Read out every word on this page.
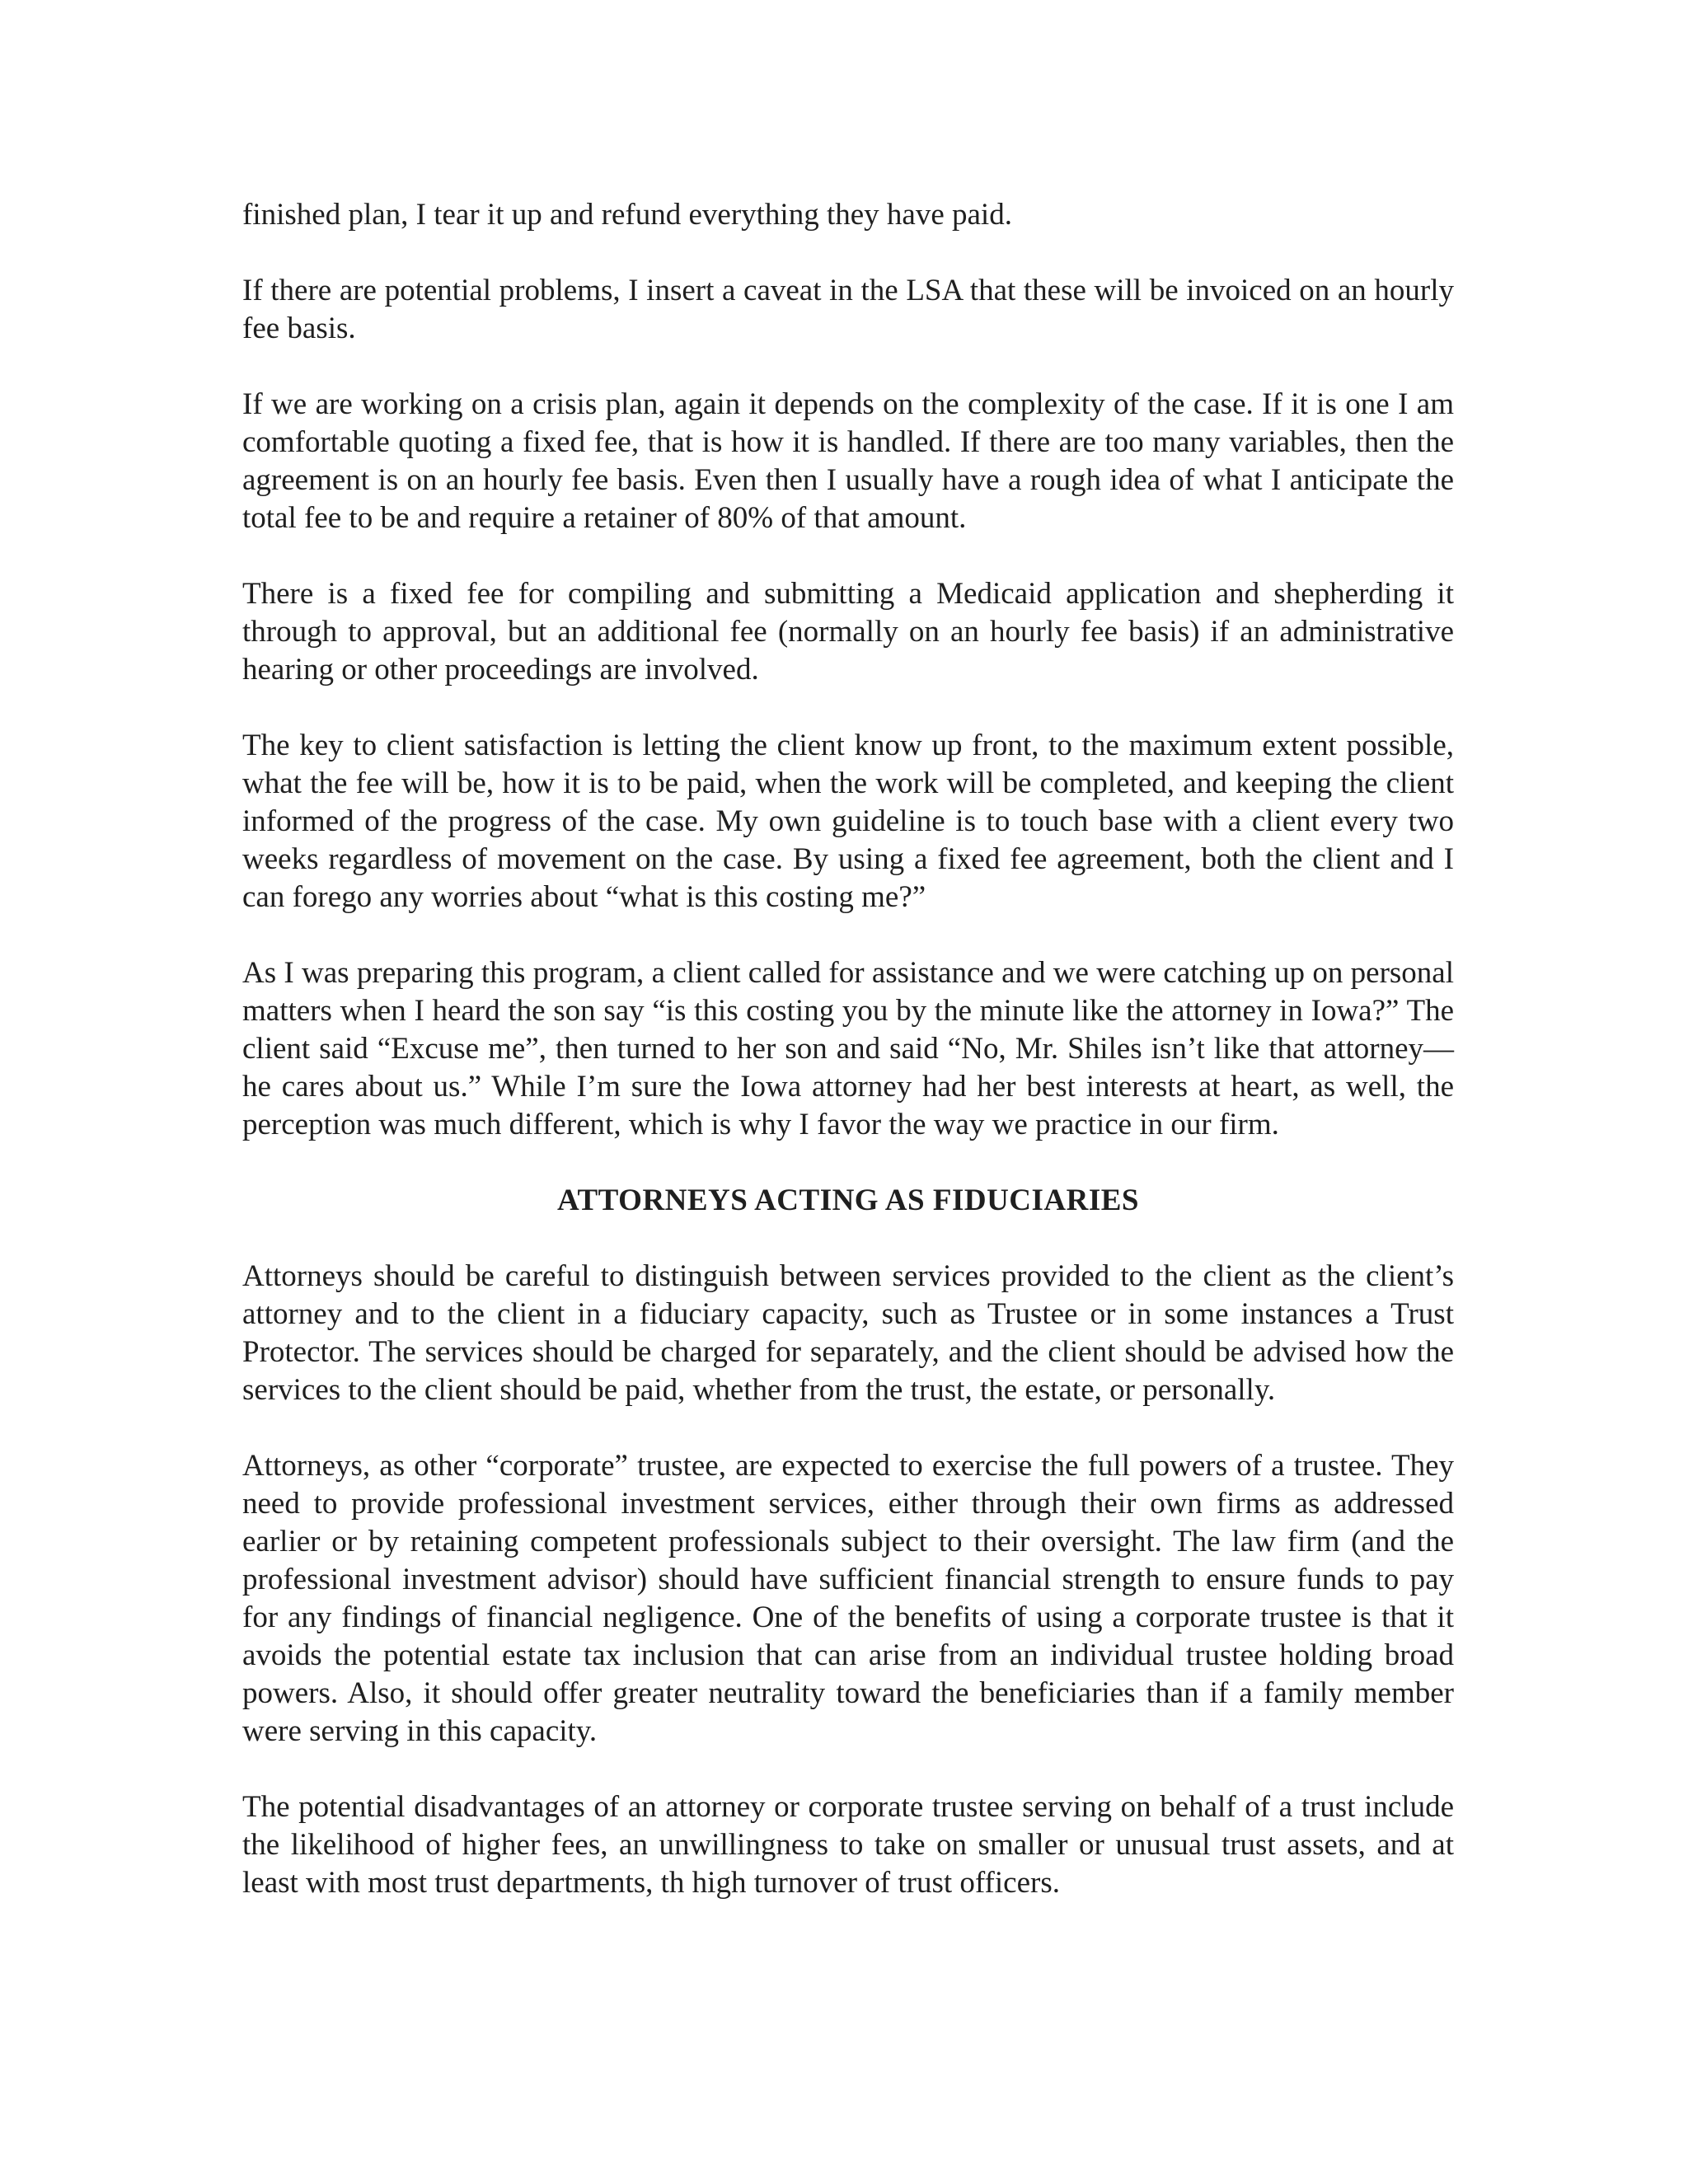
finished plan, I tear it up and refund everything they have paid.

If there are potential problems, I insert a caveat in the LSA that these will be invoiced on an hourly fee basis.

If we are working on a crisis plan, again it depends on the complexity of the case. If it is one I am comfortable quoting a fixed fee, that is how it is handled. If there are too many variables, then the agreement is on an hourly fee basis. Even then I usually have a rough idea of what I anticipate the total fee to be and require a retainer of 80% of that amount.

There is a fixed fee for compiling and submitting a Medicaid application and shepherding it through to approval, but an additional fee (normally on an hourly fee basis) if an administrative hearing or other proceedings are involved.

The key to client satisfaction is letting the client know up front, to the maximum extent possible, what the fee will be, how it is to be paid, when the work will be completed, and keeping the client informed of the progress of the case. My own guideline is to touch base with a client every two weeks regardless of movement on the case. By using a fixed fee agreement, both the client and I can forego any worries about “what is this costing me?”

As I was preparing this program, a client called for assistance and we were catching up on personal matters when I heard the son say “is this costing you by the minute like the attorney in Iowa?” The client said “Excuse me”, then turned to her son and said “No, Mr. Shiles isn’t like that attorney—he cares about us.” While I’m sure the Iowa attorney had her best interests at heart, as well, the perception was much different, which is why I favor the way we practice in our firm.

ATTORNEYS ACTING AS FIDUCIARIES

Attorneys should be careful to distinguish between services provided to the client as the client’s attorney and to the client in a fiduciary capacity, such as Trustee or in some instances a Trust Protector. The services should be charged for separately, and the client should be advised how the services to the client should be paid, whether from the trust, the estate, or personally.

Attorneys, as other “corporate” trustee, are expected to exercise the full powers of a trustee. They need to provide professional investment services, either through their own firms as addressed earlier or by retaining competent professionals subject to their oversight. The law firm (and the professional investment advisor) should have sufficient financial strength to ensure funds to pay for any findings of financial negligence. One of the benefits of using a corporate trustee is that it avoids the potential estate tax inclusion that can arise from an individual trustee holding broad powers. Also, it should offer greater neutrality toward the beneficiaries than if a family member were serving in this capacity.

The potential disadvantages of an attorney or corporate trustee serving on behalf of a trust include the likelihood of higher fees, an unwillingness to take on smaller or unusual trust assets, and at least with most trust departments, th high turnover of trust officers.
